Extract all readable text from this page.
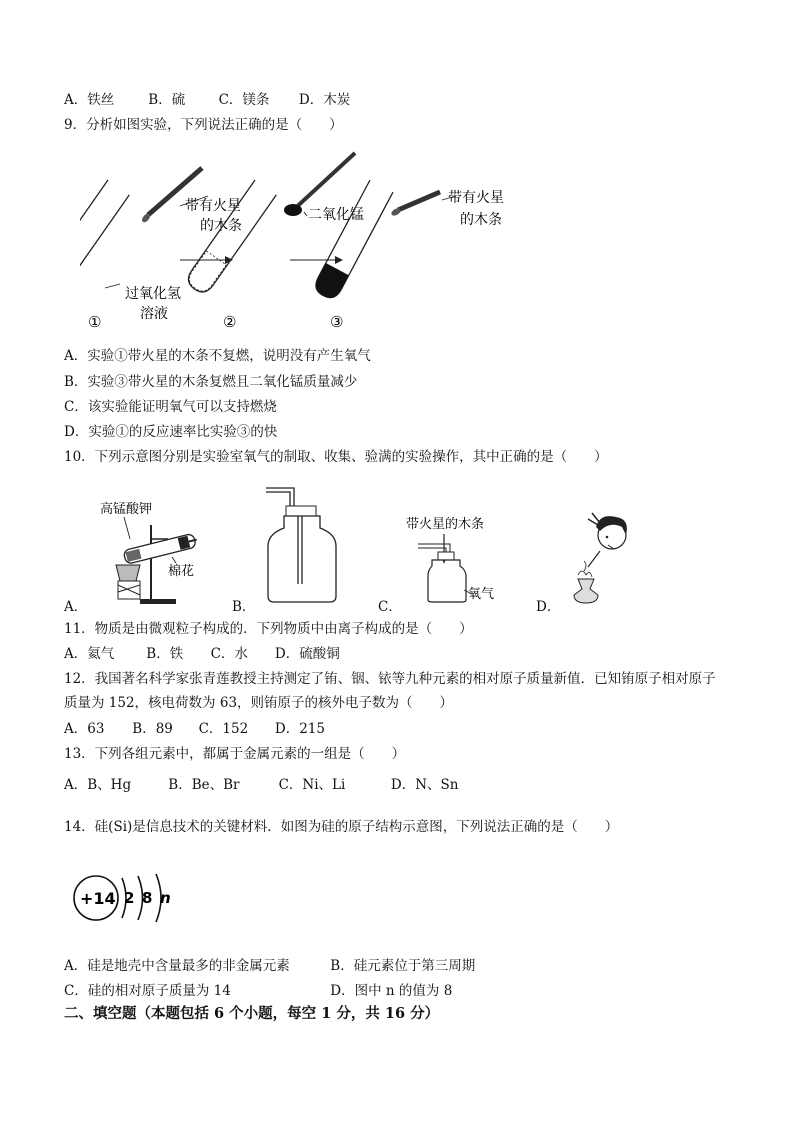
A．铁丝	B．硫 C．镁条 D．木炭
9．分析如图实验，下列说法正确的是（　　）
带有火星
的木条
过氧化氢
溶液
①
二氧化锰
②
带有火星
的木条
③
A．实验①带火星的木条不复燃，说明没有产生氧气
B．实验③带火星的木条复燃且二氧化锰质量减少
C．该实验能证明氧气可以支持燃烧
D．实验①的反应速率比实验③的快
10．下列示意图分别是实验室氧气的制取、收集、验满的实验操作，其中正确的是（　　）
A．	B．	C．	D．
高锰酸钾
棉花
带火星的木条
氧气
11．物质是由微观粒子构成的．下列物质中由离子构成的是（　　）
A．氦气 B．铁 C．水 D．硫酸铜
12．我国著名科学家张青莲教授主持测定了铕、铟、铱等九种元素的相对原子质量新值．已知铕原子相对原子
质量为 152，核电荷数为 63，则铕原子的核外电子数为（　　）
A．63 B．89 C．152 D．215
13．下列各组元素中，都属于金属元素的一组是（　　）
A．B、Hg	B．Be、Br	C．Ni、Li	D．N、Sn
14．硅(Si)是信息技术的关键材料．如图为硅的原子结构示意图，下列说法正确的是（　　）
+14 2 8 n
A．硅是地壳中含量最多的非金属元素	B．硅元素位于第三周期
C．硅的相对原子质量为 14	D．图中 n 的值为 8
二、填空题（本题包括 6 个小题，每空 1 分，共 16 分）
